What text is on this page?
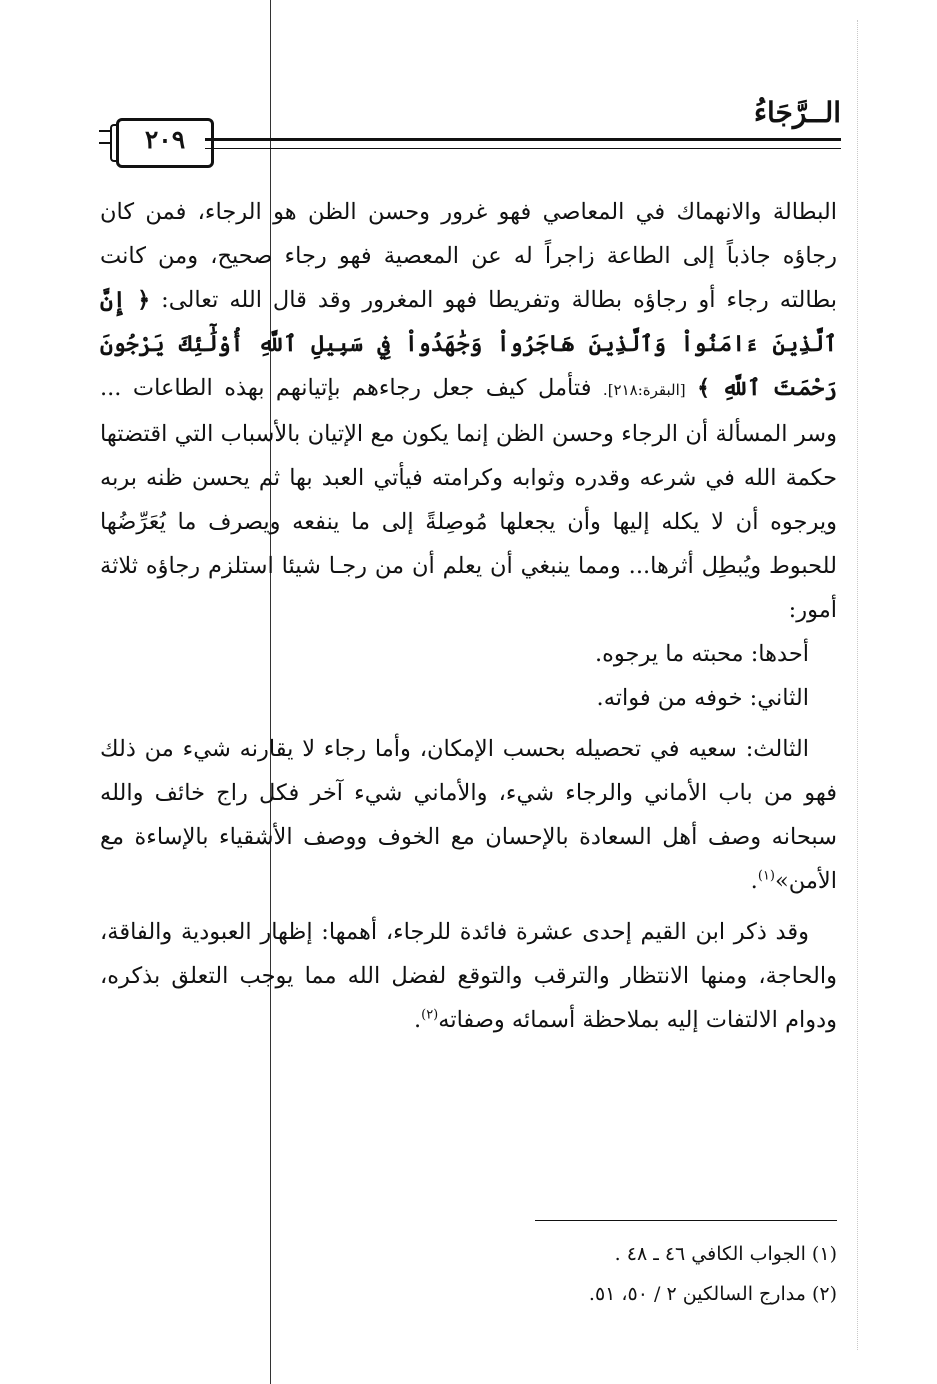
الــرَّجَاءُ
٢٠٩

البطالة والانهماك في المعاصي فهو غرور وحسن الظن هو الرجاء، فمن كان رجاؤه جاذباً إلى الطاعة زاجراً له عن المعصية فهو رجاء صحيح، ومن كانت بطالته رجاء أو رجاؤه بطالة وتفريطا فهو المغرور وقد قال الله تعالى: ﴿ إِنَّ ٱلَّذِينَ ءَامَنُواْ وَٱلَّذِينَ هَاجَرُواْ وَجَٰهَدُواْ فِي سَبِيلِ ٱللَّهِ أُوْلَٰٓئِكَ يَرْجُونَ رَحْمَتَ ٱللَّهِ ﴾ [البقرة:٢١٨]. فتأمل كيف جعل رجاءهم بإتيانهم بهذه الطاعات ... وسر المسألة أن الرجاء وحسن الظن إنما يكون مع الإتيان بالأسباب التي اقتضتها حكمة الله في شرعه وقدره وثوابه وكرامته فيأتي العبد بها ثم يحسن ظنه بربه ويرجوه أن لا يكله إليها وأن يجعلها مُوصِلةً إلى ما ينفعه ويصرف ما يُعَرِّضُها للحبوط ويُبطِل أثرها... ومما ينبغي أن يعلم أن من رجـا شيئا استلزم رجاؤه ثلاثة أمور:

أحدها: محبته ما يرجوه.

الثاني: خوفه من فواته.

الثالث: سعيه في تحصيله بحسب الإمكان، وأما رجاء لا يقارنه شيء من ذلك فهو من باب الأماني والرجاء شيء، والأماني شيء آخر فكل راج خائف والله سبحانه وصف أهل السعادة بالإحسان مع الخوف ووصف الأشقياء بالإساءة مع الأمن»$^{(١)}$.

وقد ذكر ابن القيم إحدى عشرة فائدة للرجاء، أهمها: إظهار العبودية والفاقة، والحاجة، ومنها الانتظار والترقب والتوقع لفضل الله مما يوجب التعلق بذكره، ودوام الالتفات إليه بملاحظة أسمائه وصفاته$^{(٢)}$.

(١) الجواب الكافي ٤٦ ـ ٤٨ .
(٢) مدارج السالكين ٢ / ٥٠، ٥١.
